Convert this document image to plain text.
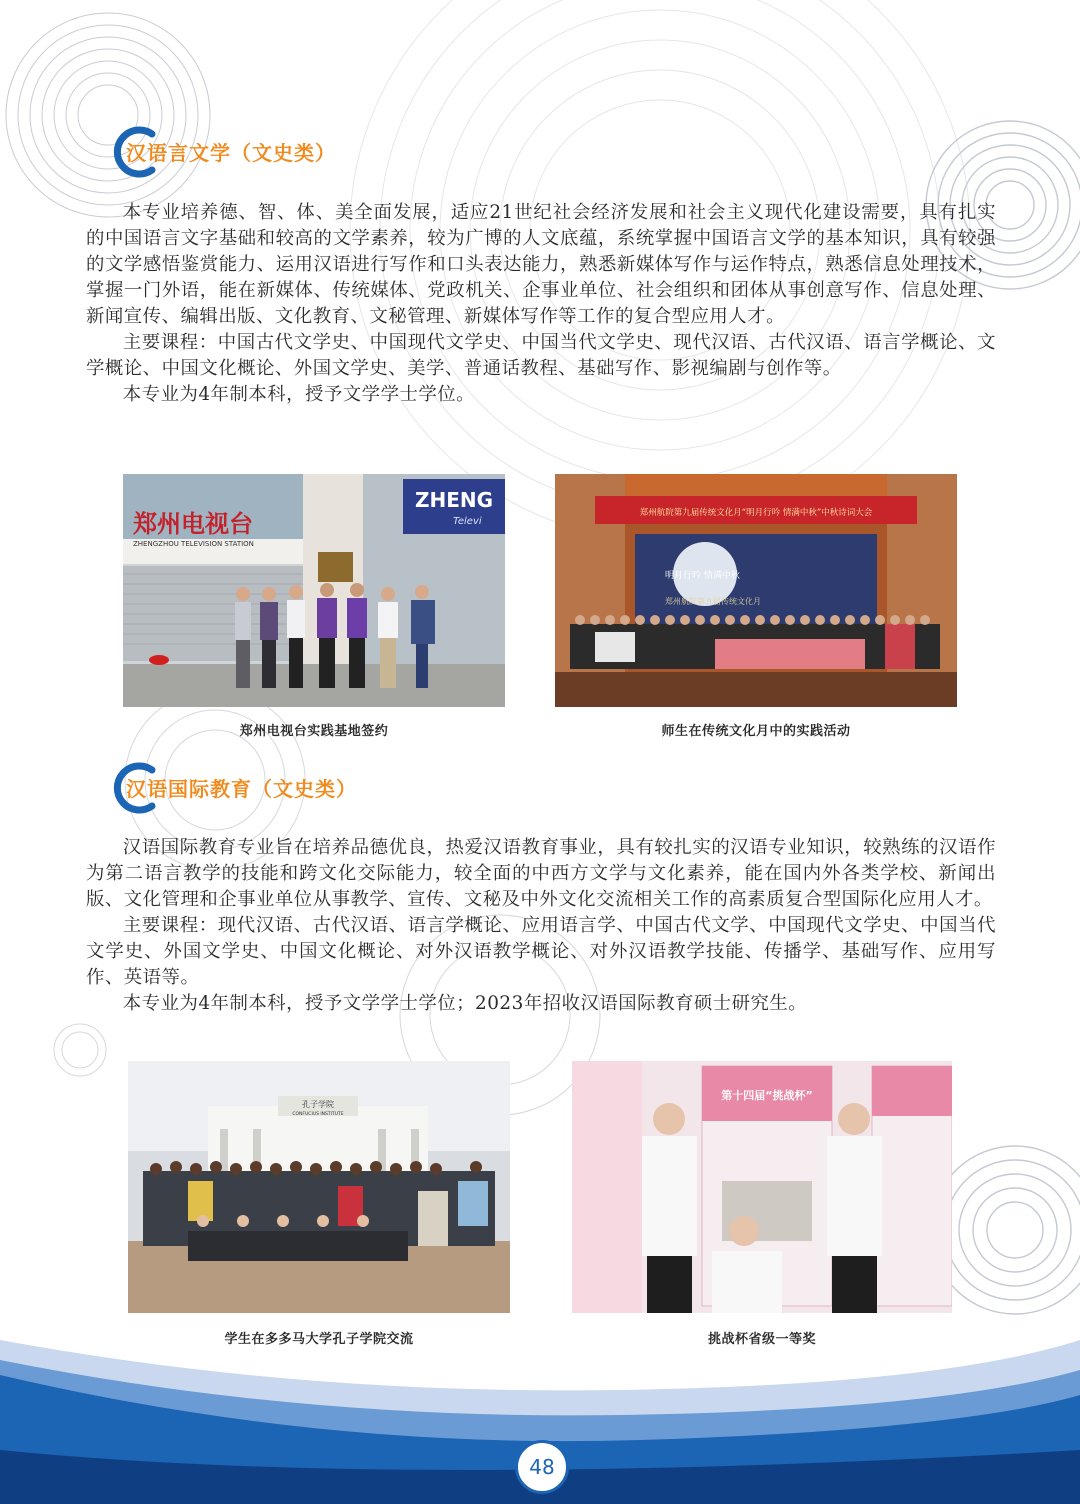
汉语言文学（文史类）

本专业培养德、智、体、美全面发展，适应21世纪社会经济发展和社会主义现代化建设需要，具有扎实的中国语言文字基础和较高的文学素养，较为广博的人文底蕴，系统掌握中国语言文学的基本知识，具有较强的文学感悟鉴赏能力、运用汉语进行写作和口头表达能力，熟悉新媒体写作与运作特点，熟悉信息处理技术，掌握一门外语，能在新媒体、传统媒体、党政机关、企事业单位、社会组织和团体从事创意写作、信息处理、新闻宣传、编辑出版、文化教育、文秘管理、新媒体写作等工作的复合型应用人才。

主要课程：中国古代文学史、中国现代文学史、中国当代文学史、现代汉语、古代汉语、语言学概论、文学概论、中国文化概论、外国文学史、美学、普通话教程、基础写作、影视编剧与创作等。

本专业为4年制本科，授予文学学士学位。

郑州电视台
ZHENGZHOU TELEVISION STATION
ZHENG
Televi
郑州电视台实践基地签约
郑州航院第九届传统文化月“明月行吟 情满中秋”中秋诗词大会
明月行吟 情满中秋
郑州航院第九届传统文化月
师生在传统文化月中的实践活动
汉语国际教育（文史类）

汉语国际教育专业旨在培养品德优良，热爱汉语教育事业，具有较扎实的汉语专业知识，较熟练的汉语作为第二语言教学的技能和跨文化交际能力，较全面的中西方文学与文化素养，能在国内外各类学校、新闻出版、文化管理和企事业单位从事教学、宣传、文秘及中外文化交流相关工作的高素质复合型国际化应用人才。

主要课程：现代汉语、古代汉语、语言学概论、应用语言学、中国古代文学、中国现代文学史、中国当代文学史、外国文学史、中国文化概论、对外汉语教学概论、对外汉语教学技能、传播学、基础写作、应用写作、英语等。

本专业为4年制本科，授予文学学士学位；2023年招收汉语国际教育硕士研究生。

孔子学院
CONFUCIUS INSTITUTE
学生在多多马大学孔子学院交流
第十四届“挑战杯”
挑战杯省级一等奖
48
